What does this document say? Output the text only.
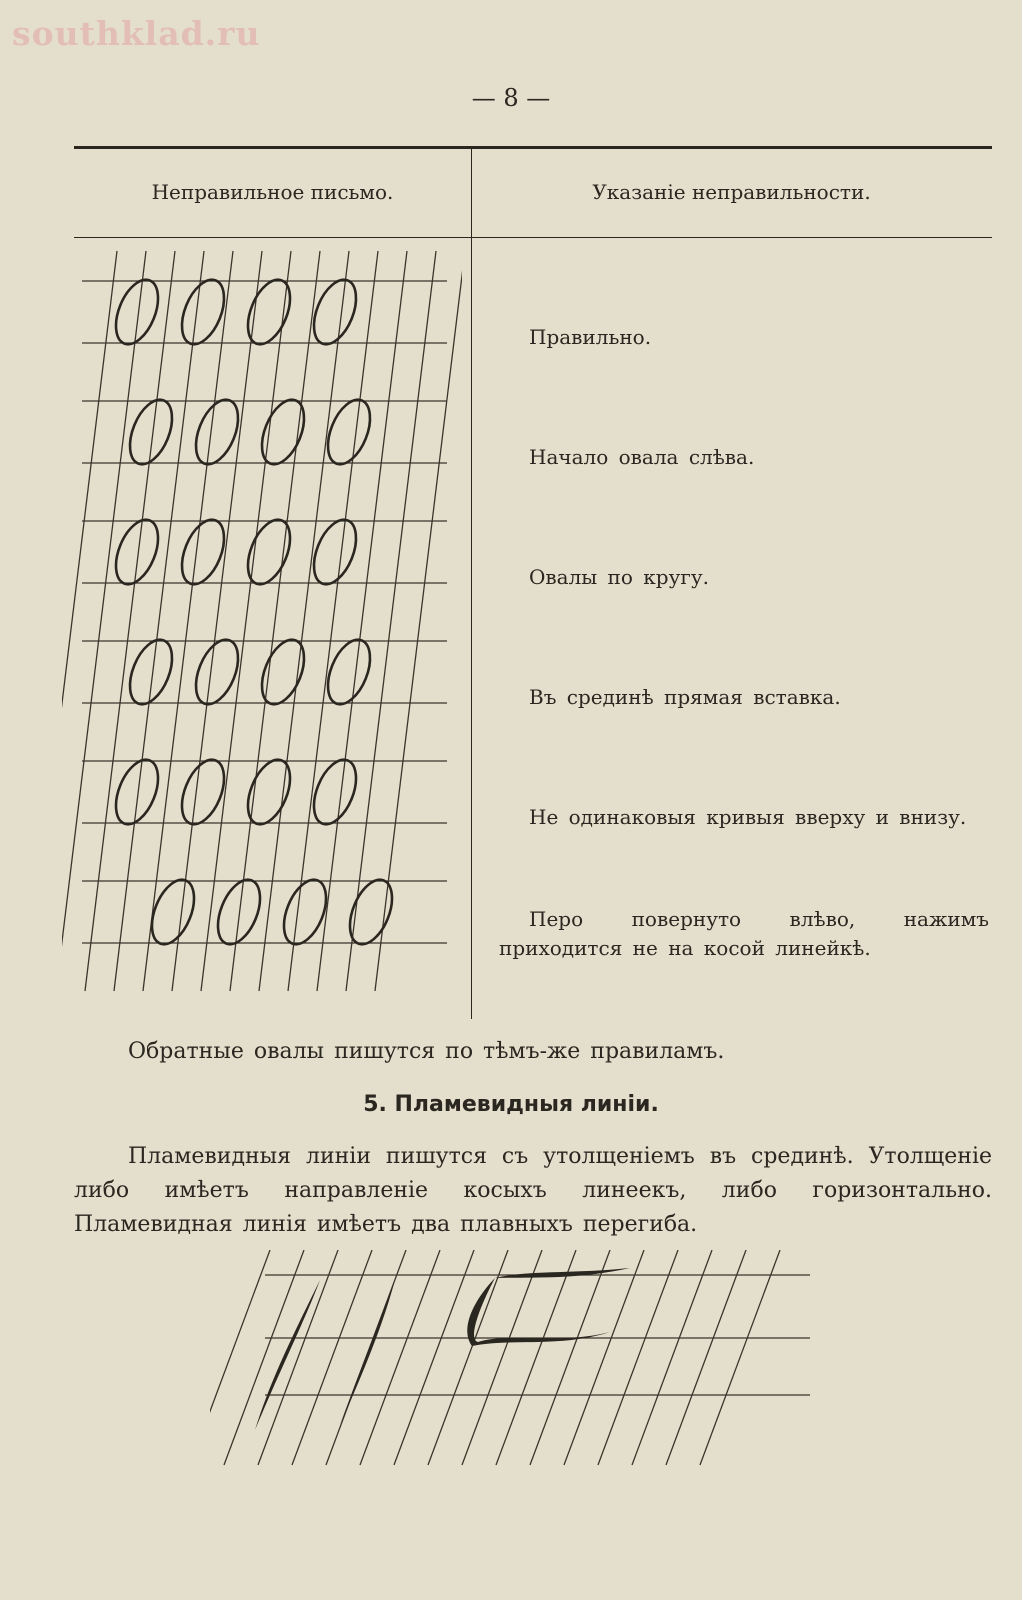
southklad.ru
— 8 —
Неправильное письмо.	Указаніе неправильности.
Правильно.
Начало овала слѣва.
Овалы по кругу.
Въ срединѣ прямая вставка.
Не одинаковыя кривыя вверху и внизу.
Перо повернуто влѣво, нажимъ приходится не на косой линейкѣ.
Обратные овалы пишутся по тѣмъ-же правиламъ.
5. Пламевидныя линіи.
Пламевидныя линіи пишутся съ утолщеніемъ въ срединѣ. Утолщеніе либо имѣетъ направленіе косыхъ линеекъ, либо горизонтально. Пламевидная линія имѣетъ два плавныхъ перегиба.
